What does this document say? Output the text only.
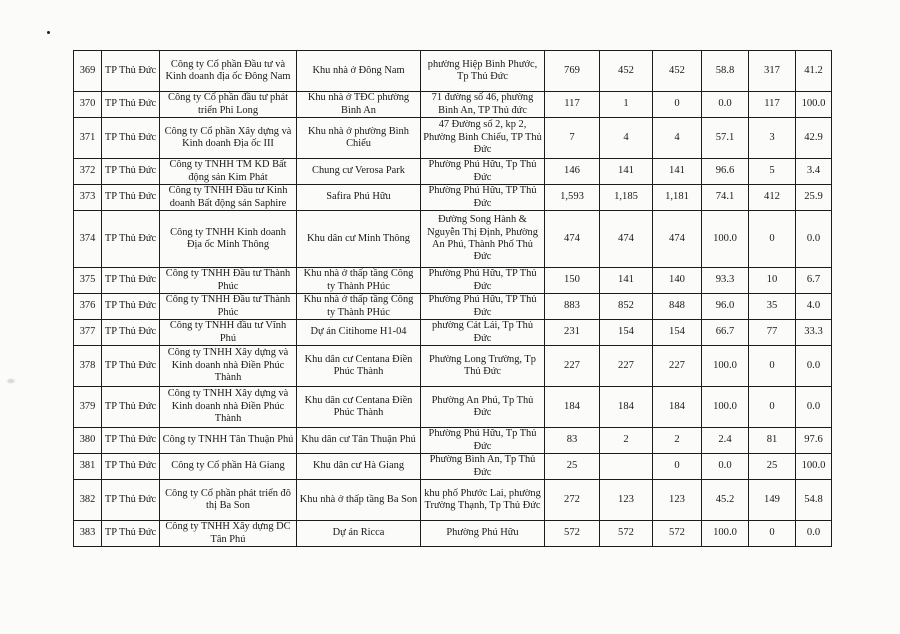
369	TP Thủ Đức	Công ty Cổ phần Đầu tư và Kinh doanh địa ốc Đông Nam	Khu nhà ở Đông Nam	phường Hiệp Bình Phước, Tp Thủ Đức	769	452	452	58.8	317	41.2
370	TP Thủ Đức	Công ty Cổ phần đầu tư phát triển Phi Long	Khu nhà ở TĐC phường Bình An	71 đường số 46, phường Bình An, TP Thủ đức	117	1	0	0.0	117	100.0
371	TP Thủ Đức	Công ty Cổ phần Xây dựng và Kinh doanh Địa ốc III	Khu nhà ở phường Bình Chiểu	47 Đường số 2, kp 2, Phường Bình Chiểu, TP Thủ Đức	7	4	4	57.1	3	42.9
372	TP Thủ Đức	Công ty TNHH TM KD Bất động sản Kim Phát	Chung cư Verosa Park	Phường Phú Hữu, Tp Thủ Đức	146	141	141	96.6	5	3.4
373	TP Thủ Đức	Công ty TNHH Đầu tư Kinh doanh Bất động sản Saphire	Safira Phú Hữu	Phường Phú Hữu, TP Thủ Đức	1,593	1,185	1,181	74.1	412	25.9
374	TP Thủ Đức	Công ty TNHH Kinh doanh Địa ốc Minh Thông	Khu dân cư Minh Thông	Đường Song Hành & Nguyễn Thị Định, Phường An Phú, Thành Phố Thủ Đức	474	474	474	100.0	0	0.0
375	TP Thủ Đức	Công ty TNHH Đầu tư Thành Phúc	Khu nhà ở thấp tầng Công ty Thành PHúc	Phường Phú Hữu, TP Thủ Đức	150	141	140	93.3	10	6.7
376	TP Thủ Đức	Công ty TNHH Đầu tư Thành Phúc	Khu nhà ở thấp tầng Công ty Thành PHúc	Phường Phú Hữu, TP Thủ Đức	883	852	848	96.0	35	4.0
377	TP Thủ Đức	Công ty TNHH đầu tư Vĩnh Phú	Dự án Citihome H1-04	phường Cát Lái, Tp Thủ Đức	231	154	154	66.7	77	33.3
378	TP Thủ Đức	Công ty TNHH Xây dựng và Kinh doanh nhà Điền Phúc Thành	Khu dân cư Centana Điền Phúc Thành	Phường Long Trường, Tp Thủ Đức	227	227	227	100.0	0	0.0
379	TP Thủ Đức	Công ty TNHH Xây dựng và Kinh doanh nhà Điền Phúc Thành	Khu dân cư Centana Điền Phúc Thành	Phường An Phú, Tp Thủ Đức	184	184	184	100.0	0	0.0
380	TP Thủ Đức	Công ty TNHH Tân Thuận Phú	Khu dân cư Tân Thuận Phú	Phường Phú Hữu, Tp Thủ Đức	83	2	2	2.4	81	97.6
381	TP Thủ Đức	Công ty Cổ phần Hà Giang	Khu dân cư Hà Giang	Phường Bình An, Tp Thủ Đức	25		0	0.0	25	100.0
382	TP Thủ Đức	Công ty Cổ phần phát triển đô thị Ba Son	Khu nhà ở thấp tầng Ba Son	khu phố Phước Lai, phường Trường Thạnh, Tp Thủ Đức	272	123	123	45.2	149	54.8
383	TP Thủ Đức	Công ty TNHH Xây dựng DC Tân Phú	Dự án Ricca	Phường Phú Hữu	572	572	572	100.0	0	0.0
